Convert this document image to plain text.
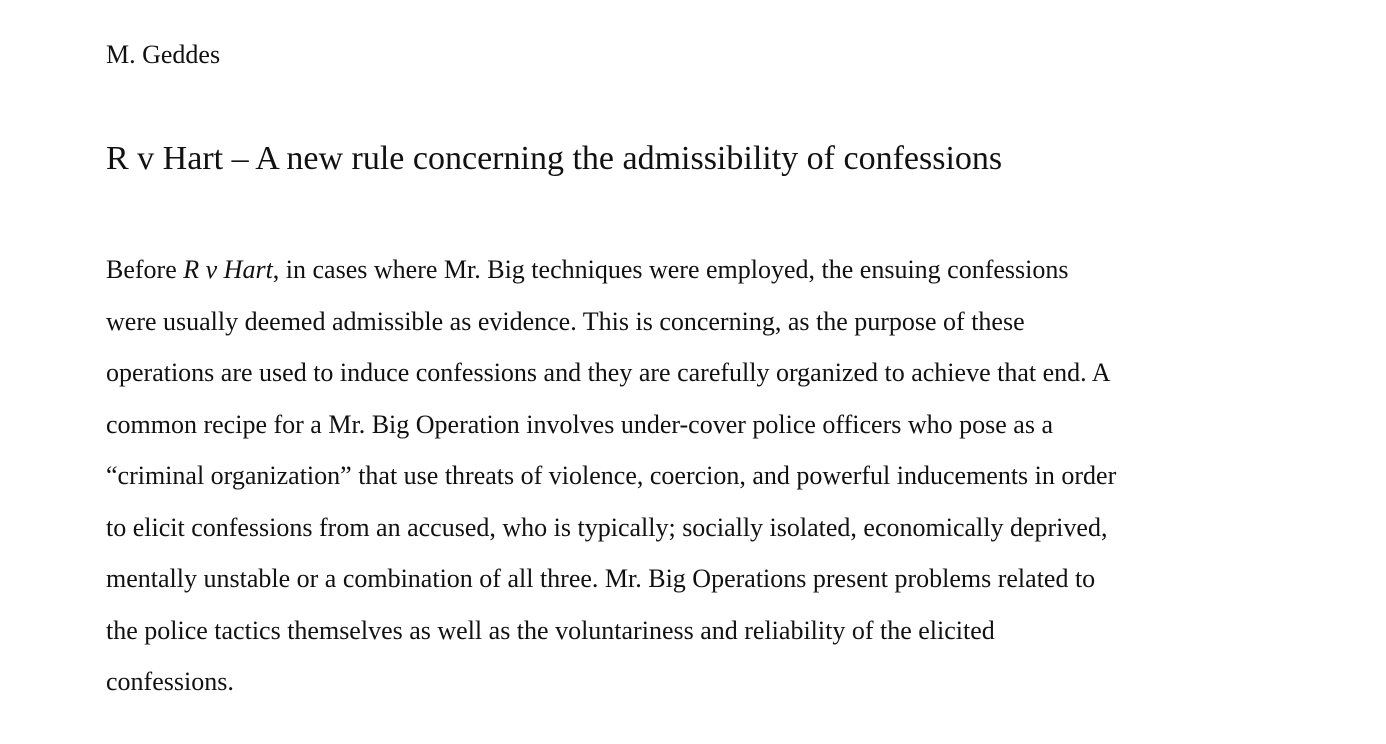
M. Geddes
R v Hart – A new rule concerning the admissibility of confessions
Before R v Hart, in cases where Mr. Big techniques were employed, the ensuing confessions
were usually deemed admissible as evidence. This is concerning, as the purpose of these
operations are used to induce confessions and they are carefully organized to achieve that end. A
common recipe for a Mr. Big Operation involves under-cover police officers who pose as a
“criminal organization” that use threats of violence, coercion, and powerful inducements in order
to elicit confessions from an accused, who is typically; socially isolated, economically deprived,
mentally unstable or a combination of all three. Mr. Big Operations present problems related to
the police tactics themselves as well as the voluntariness and reliability of the elicited
confessions.
